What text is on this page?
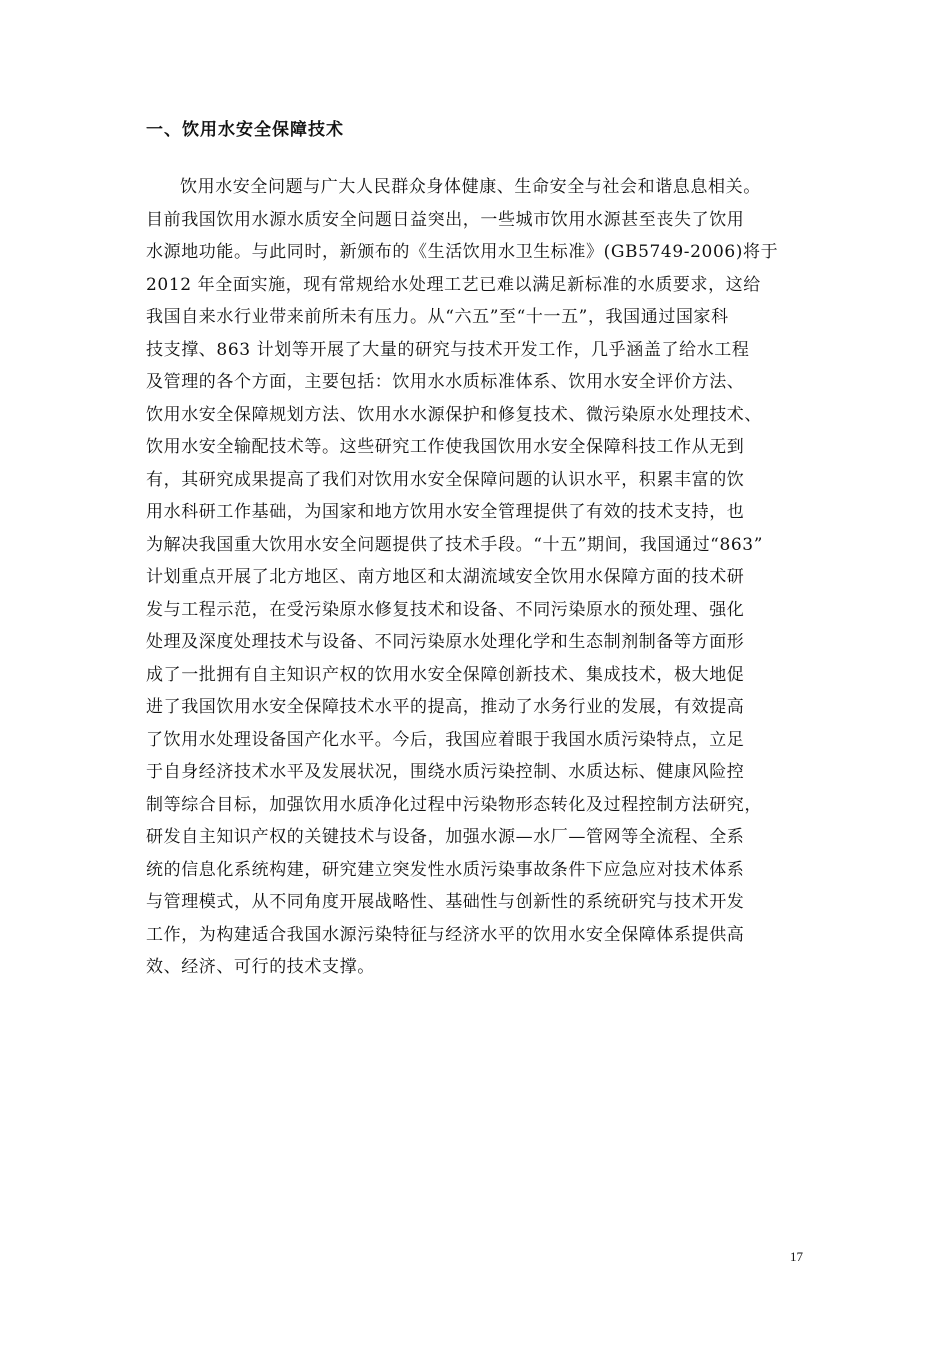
一、饮用水安全保障技术
饮用水安全问题与广大人民群众身体健康、生命安全与社会和谐息息相关。
目前我国饮用水源水质安全问题日益突出，一些城市饮用水源甚至丧失了饮用
水源地功能。与此同时，新颁布的《生活饮用水卫生标准》(GB5749-2006)将于
2012 年全面实施，现有常规给水处理工艺已难以满足新标准的水质要求，这给
我国自来水行业带来前所未有压力。从“六五”至“十一五”，我国通过国家科
技支撑、863 计划等开展了大量的研究与技术开发工作，几乎涵盖了给水工程
及管理的各个方面，主要包括：饮用水水质标准体系、饮用水安全评价方法、
饮用水安全保障规划方法、饮用水水源保护和修复技术、微污染原水处理技术、
饮用水安全输配技术等。这些研究工作使我国饮用水安全保障科技工作从无到
有，其研究成果提高了我们对饮用水安全保障问题的认识水平，积累丰富的饮
用水科研工作基础，为国家和地方饮用水安全管理提供了有效的技术支持，也
为解决我国重大饮用水安全问题提供了技术手段。“十五”期间，我国通过“863”
计划重点开展了北方地区、南方地区和太湖流域安全饮用水保障方面的技术研
发与工程示范，在受污染原水修复技术和设备、不同污染原水的预处理、强化
处理及深度处理技术与设备、不同污染原水处理化学和生态制剂制备等方面形
成了一批拥有自主知识产权的饮用水安全保障创新技术、集成技术，极大地促
进了我国饮用水安全保障技术水平的提高，推动了水务行业的发展，有效提高
了饮用水处理设备国产化水平。今后，我国应着眼于我国水质污染特点，立足
于自身经济技术水平及发展状况，围绕水质污染控制、水质达标、健康风险控
制等综合目标，加强饮用水质净化过程中污染物形态转化及过程控制方法研究，
研发自主知识产权的关键技术与设备，加强水源—水厂—管网等全流程、全系
统的信息化系统构建，研究建立突发性水质污染事故条件下应急应对技术体系
与管理模式，从不同角度开展战略性、基础性与创新性的系统研究与技术开发
工作，为构建适合我国水源污染特征与经济水平的饮用水安全保障体系提供高
效、经济、可行的技术支撑。
17
